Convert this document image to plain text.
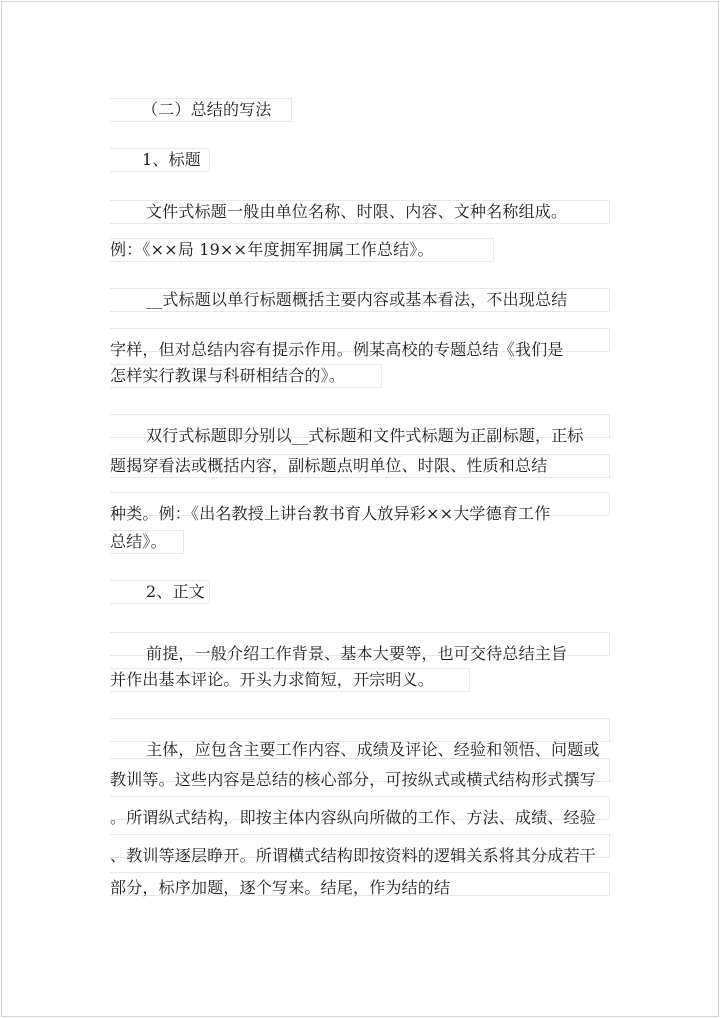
（二）总结的写法
1、标题
文件式标题一般由单位名称、时限、内容、文种名称组成。
例：《××局 19××年度拥军拥属工作总结》。
__式标题以单行标题概括主要内容或基本看法，不出现总结
字样，但对总结内容有提示作用。例某高校的专题总结《我们是
怎样实行教课与科研相结合的》。
双行式标题即分别以__式标题和文件式标题为正副标题，正标
题揭穿看法或概括内容，副标题点明单位、时限、性质和总结
种类。例：《出名教授上讲台教书育人放异彩××大学德育工作
总结》。
2、正文
前提，一般介绍工作背景、基本大要等，也可交待总结主旨
并作出基本评论。开头力求简短，开宗明义。
主体，应包含主要工作内容、成绩及评论、经验和领悟、问题或
教训等。这些内容是总结的核心部分，可按纵式或横式结构形式撰写
。所谓纵式结构，即按主体内容纵向所做的工作、方法、成绩、经验
、教训等逐层睁开。所谓横式结构即按资料的逻辑关系将其分成若干
部分，标序加题，逐个写来。结尾，作为结的结
